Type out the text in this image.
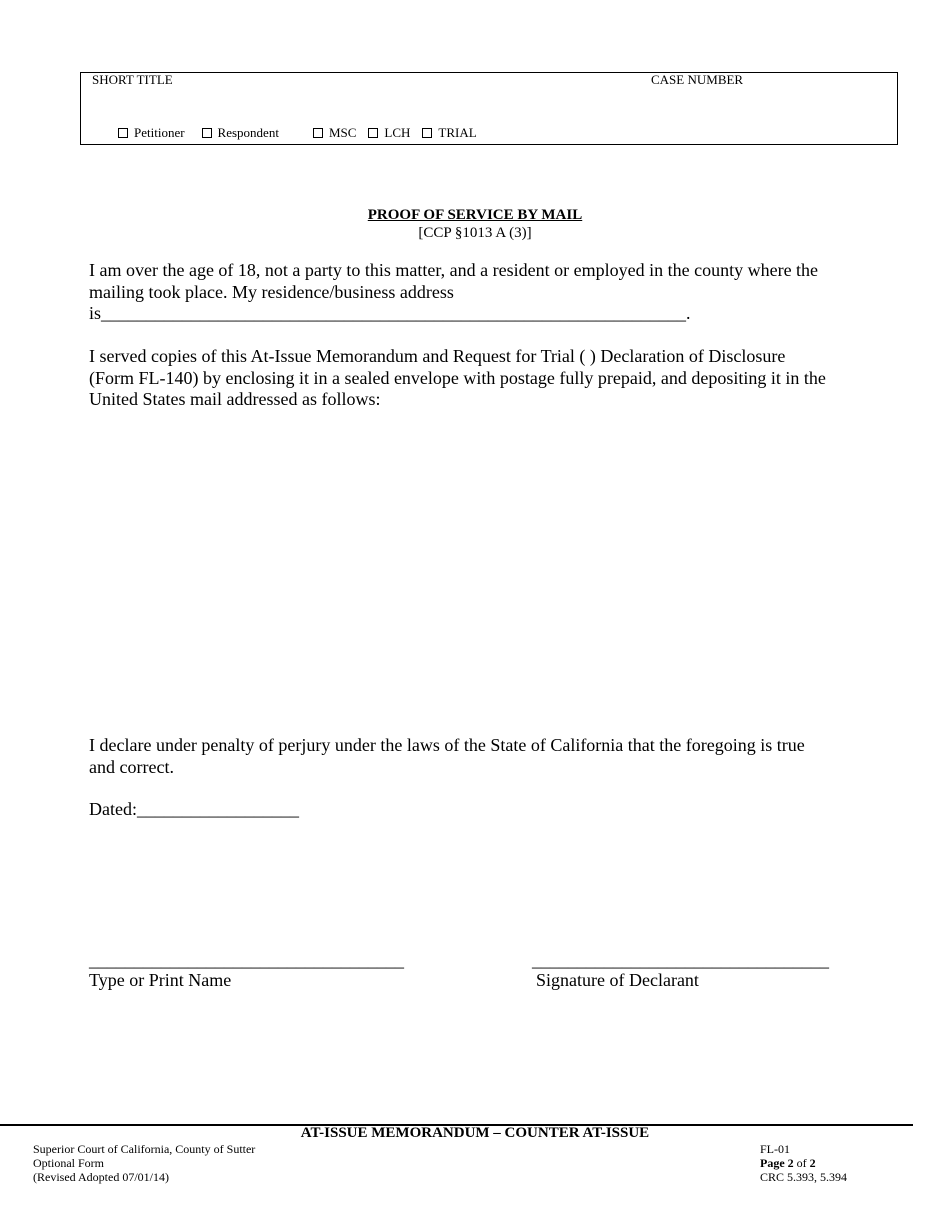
SHORT TITLE	CASE NUMBER
Petitioner	Respondent	MSC LCH TRIAL
PROOF OF SERVICE BY MAIL
[CCP §1013 A (3)]
I am over the age of 18, not a party to this matter, and a resident or employed in the county where the
mailing took place. My residence/business address
is_________________________________________________________________.
I served copies of this At-Issue Memorandum and Request for Trial ( ) Declaration of Disclosure
(Form FL-140) by enclosing it in a sealed envelope with postage fully prepaid, and depositing it in the
United States mail addressed as follows:
I declare under penalty of perjury under the laws of the State of California that the foregoing is true
and correct.
Dated:__________________
___________________________________
Type or Print Name
_________________________________
Signature of Declarant
AT-ISSUE MEMORANDUM – COUNTER AT-ISSUE
Superior Court of California, County of Sutter
Optional Form
(Revised Adopted 07/01/14)
FL-01
Page 2 of 2
CRC 5.393, 5.394
